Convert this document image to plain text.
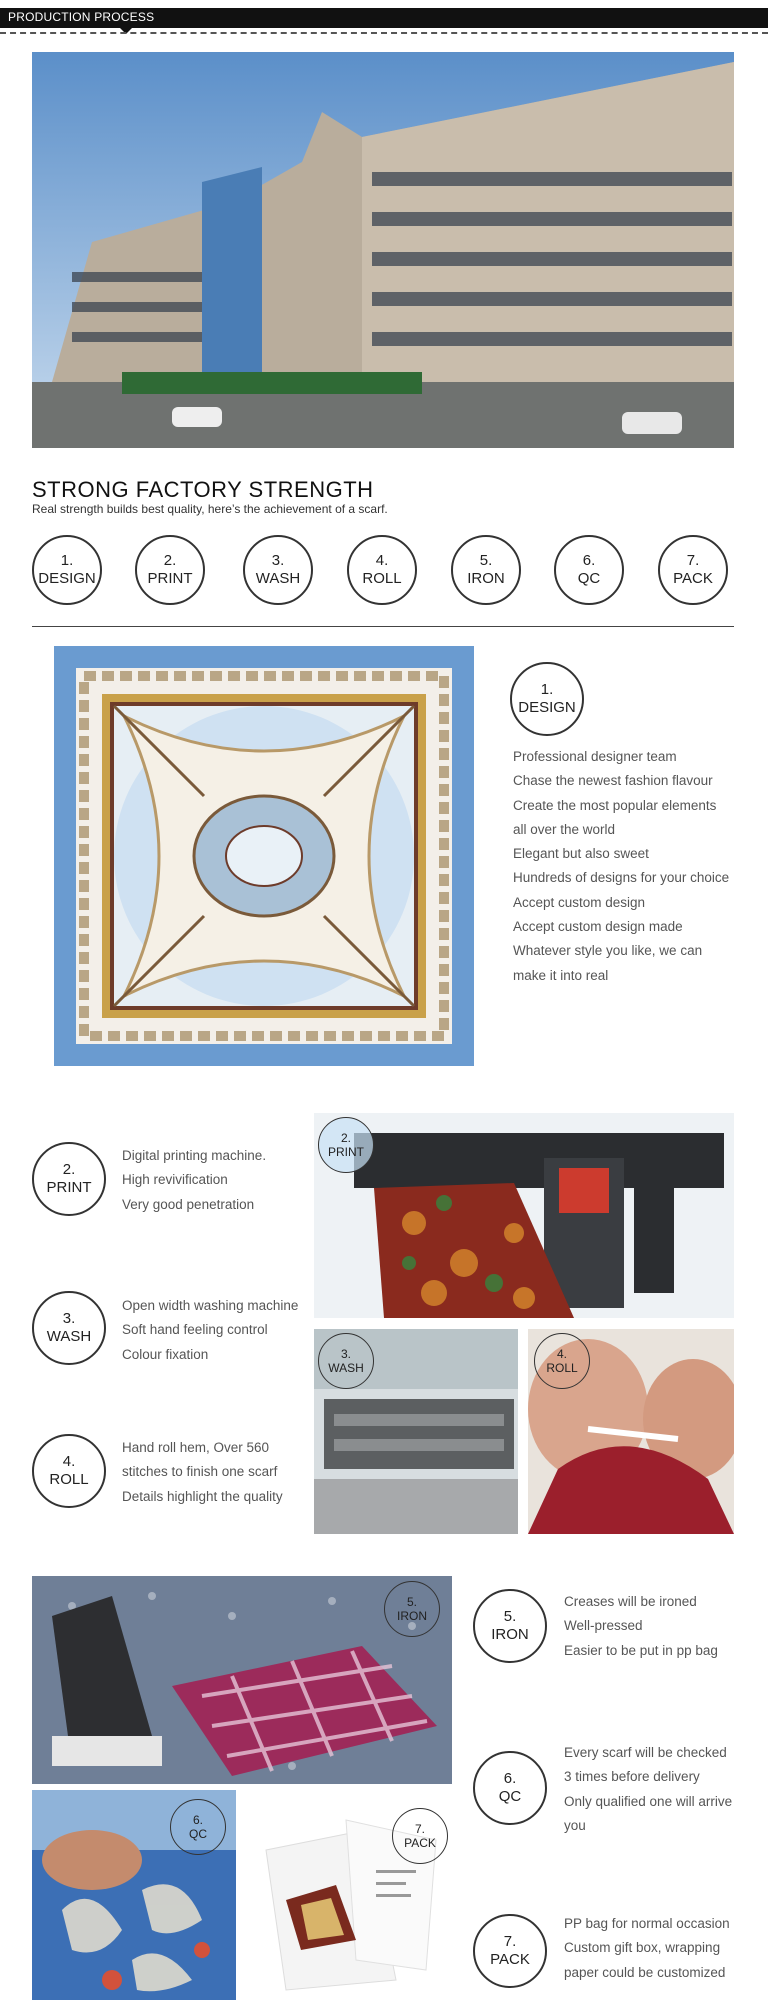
PRODUCTION PROCESS
STRONG FACTORY STRENGTH
Real strength builds best quality, here’s the achievement of a scarf.
1.
DESIGN
2.
PRINT
3.
WASH
4.
ROLL
5.
IRON
6.
QC
7.
PACK
1.
DESIGN
Professional designer team
Chase the newest fashion flavour
Create the most popular elements
all over the world
Elegant but also sweet
Hundreds of designs for your choice
Accept custom design
Accept custom design made
Whatever style you like, we can
make it into real
2.
PRINT
Digital printing machine.
High revivification
Very good penetration
2.
PRINT
3.
WASH
Open width washing machine
Soft hand feeling control
Colour fixation	3.
WASH
4.
ROLL
4.
ROLL
Hand roll hem, Over 560
stitches to finish one scarf
Details highlight the quality
5.
IRON	5.
IRON
Creases will be ironed
Well-pressed
Easier to be put in pp bag
6.
QC
6.
QC
Every scarf will be checked
3 times before delivery
Only qualified one will arrive
you
7.
PACK
7.
PACK
PP bag for normal occasion
Custom gift box, wrapping
paper could be customized
